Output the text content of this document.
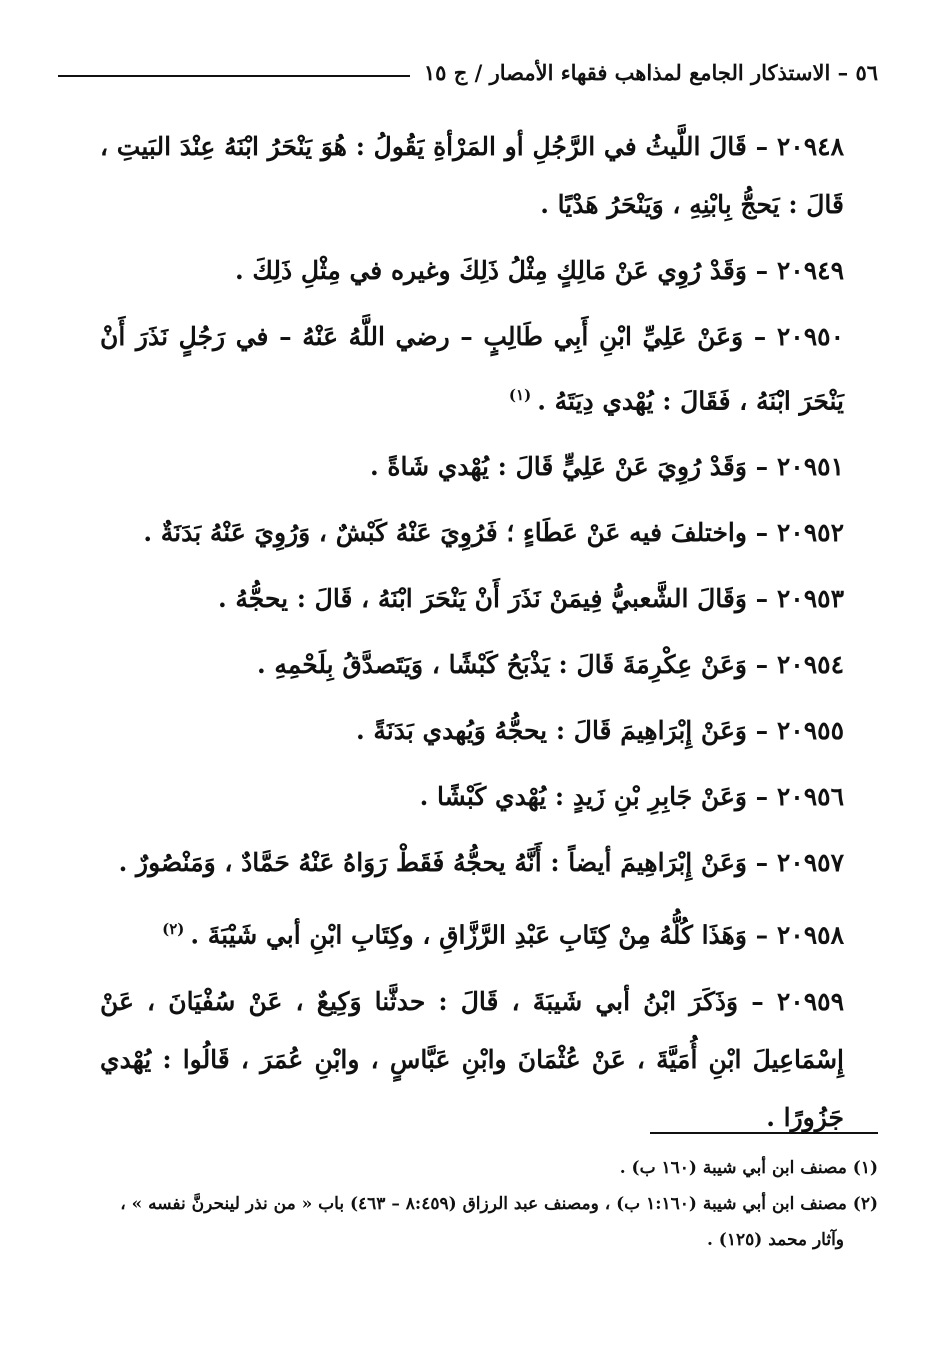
٥٦ – الاستذكار الجامع لمذاهب فقهاء الأمصار / ج ١٥

٢٠٩٤٨ – قَالَ اللَّيثُ في الرَّجُلِ أو المَرْأةِ يَقُولُ : هُوَ يَنْحَرُ ابْنَهُ عِنْدَ البَيتِ ، قَالَ : يَحجُّ بِابْنِهِ ، وَيَنْحَرُ هَدْيًا .

٢٠٩٤٩ – وَقَدْ رُوِي عَنْ مَالِكٍ مِثْلُ ذَلِكَ وغيره في مِثْلِ ذَلِكَ .

٢٠٩٥٠ – وَعَنْ عَلِيِّ ابْنِ أَبِي طَالِبٍ – رضي اللَّهُ عَنْهُ – في رَجُلٍ نَذَرَ أَنْ يَنْحَرَ ابْنَهُ ، فَقَالَ : يُهْدي دِيَتَهُ .$^{(١)}$

٢٠٩٥١ – وَقَدْ رُوِيَ عَنْ عَلِيٍّ قَالَ : يُهْدي شَاةً .

٢٠٩٥٢ – واختلفَ فيه عَنْ عَطَاءٍ ؛ فَرُوِيَ عَنْهُ كَبْشٌ ، وَرُوِيَ عَنْهُ بَدَنَةٌ .

٢٠٩٥٣ – وَقَالَ الشَّعبيُّ فِيمَنْ نَذَرَ أَنْ يَنْحَرَ ابْنَهُ ، قَالَ : يحجُّهُ .

٢٠٩٥٤ – وَعَنْ عِكْرِمَةَ قَالَ : يَذْبَحُ كَبْشًا ، وَيَتَصدَّقُ بِلَحْمِهِ .

٢٠٩٥٥ – وَعَنْ إِبْرَاهِيمَ قَالَ : يحجُّهُ وَيُهدي بَدَنَةً .

٢٠٩٥٦ – وَعَنْ جَابِرِ بْنِ زَيدٍ : يُهْدي كَبْشًا .

٢٠٩٥٧ – وَعَنْ إِبْرَاهِيمَ أيضاً : أَنَّهُ يحجُّهُ فَقَطْ رَوَاهُ عَنْهُ حَمَّادٌ ، وَمَنْصُورٌ .

٢٠٩٥٨ – وَهَذَا كُلُّهُ مِنْ كِتَابِ عَبْدِ الرَّزَّاقِ ، وكِتَابِ ابْنِ أبي شَيْبَةَ .$^{(٢)}$

٢٠٩٥٩ – وَذَكَرَ ابْنُ أبي شَيبَةَ ، قَالَ : حدثَّنا وَكِيعٌ ، عَنْ سُفْيَانَ ، عَنْ إِسْمَاعِيلَ ابْنِ أُمَيَّةَ ، عَنْ عُثْمَانَ وابْنِ عَبَّاسٍ ، وابْنِ عُمَرَ ، قَالُوا : يُهْدي جَزُورًا .

(١) مصنف ابن أبي شيبة (١٦٠ ب) .

(٢) مصنف ابن أبي شيبة (١:١٦٠ ب) ، ومصنف عبد الرزاق (٨:٤٥٩ – ٤٦٣) باب « من نذر لينحرنَّ نفسه » ، وآثار محمد (١٢٥) .
